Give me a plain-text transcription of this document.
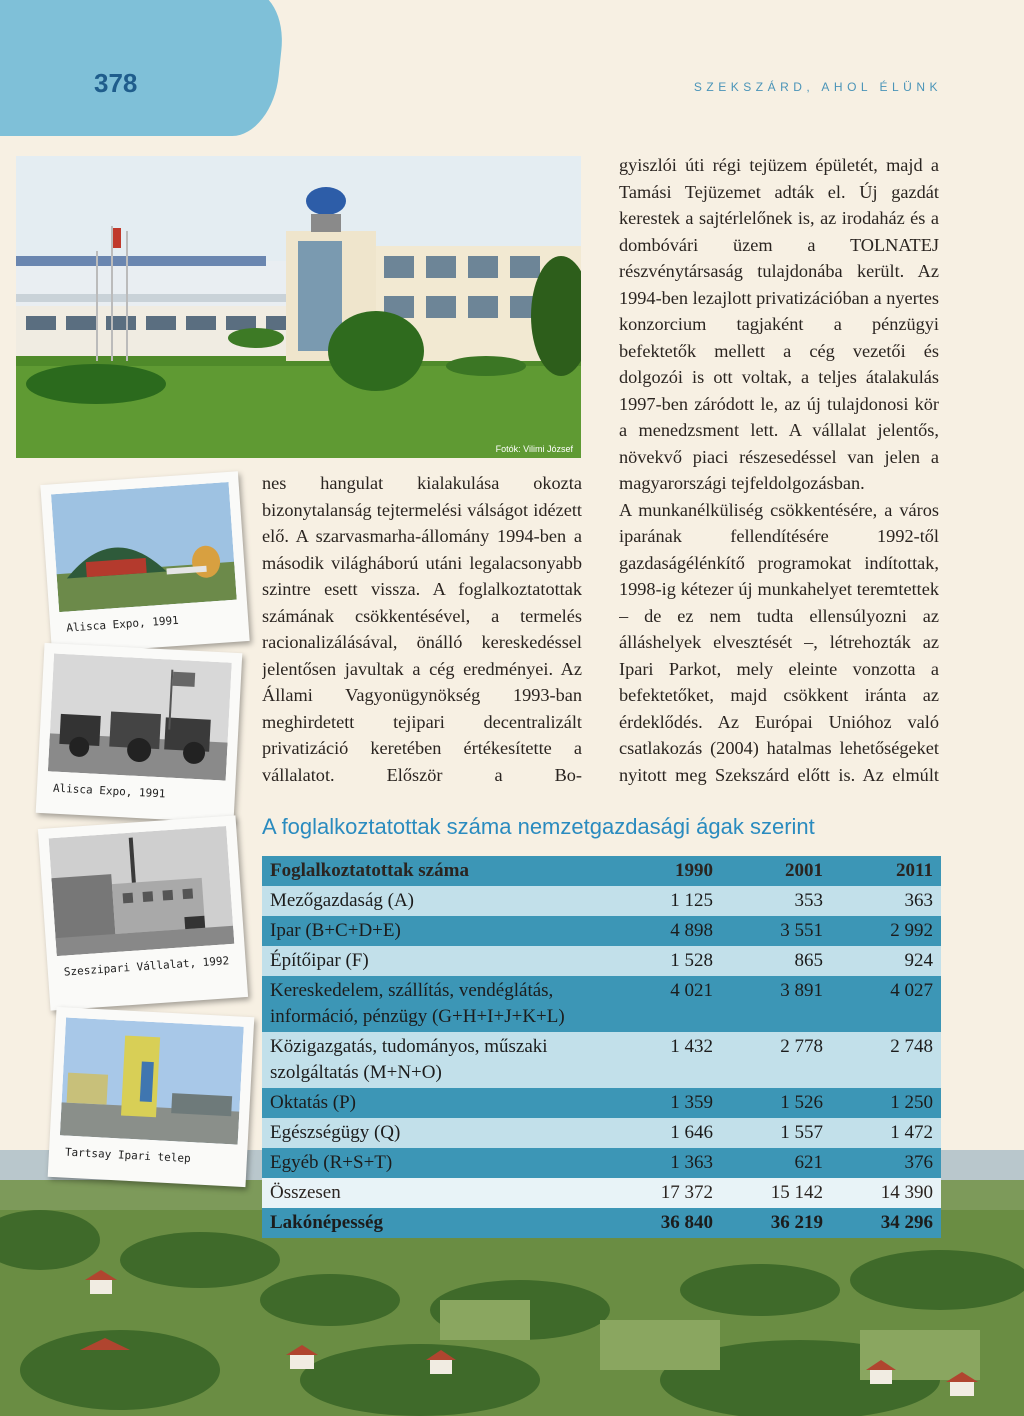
378	SZEKSZÁRD, AHOL ÉLÜNK
Fotók: Vilimi József

gyiszlói úti régi tejüzem épületét, majd a Tamási Tejüzemet adták el. Új gazdát kerestek a sajtérlelőnek is, az irodaház és a dombóvári üzem a TOLNATEJ részvénytársaság tulajdonába került. Az 1994-ben lezajlott privatizációban a nyertes konzorcium tagjaként a pénzügyi befektetők mellett a cég vezetői és dolgozói is ott voltak, a teljes átalakulás 1997-ben záródott le, az új tulajdonosi kör a menedzsment lett. A vállalat jelentős, növekvő piaci részesedéssel van jelen a magyarországi tejfeldolgozásban.

A munkanélküliség csökkentésére, a város iparának fellendítésére 1992-től gazdaságélénkítő programokat indítottak, 1998-ig kétezer új munkahelyet teremtettek – de ez nem tudta ellensúlyozni az álláshelyek elvesztését –, létrehozták az Ipari Parkot, mely eleinte vonzotta a befektetőket, majd csökkent iránta az érdeklődés. Az Európai Unióhoz való csatlakozás (2004) hatalmas lehetőségeket nyitott meg Szekszárd előtt is. Az elmúlt

nes hangulat kialakulása okozta bizonytalanság tejtermelési válságot idézett elő. A szarvasmarha-állomány 1994-ben a második világháború utáni legalacsonyabb szintre esett vissza. A foglalkoztatottak számának csökkentésével, a termelés racionalizálásával, önálló kereskedéssel jelentősen javultak a cég eredményei. Az Állami Vagyonügynökség 1993-ban meghirdetett tejipari decentralizált privatizáció keretében értékesítette a vállalatot. Először a Bo-

Alisca Expo, 1991
Alisca Expo, 1991
Szeszipari Vállalat, 1992
Tartsay Ipari telep
A foglalkoztatottak száma nemzetgazdasági ágak szerint
Foglalkoztatottak száma	1990	2001	2011
Mezőgazdaság (A)	1 125	353	363
Ipar (B+C+D+E)	4 898	3 551	2 992
Építőipar (F)	1 528	865	924
Kereskedelem, szállítás, vendéglátás, információ, pénzügy (G+H+I+J+K+L)	4 021	3 891	4 027
Közigazgatás, tudományos, műszaki szolgáltatás (M+N+O)	1 432	2 778	2 748
Oktatás (P)	1 359	1 526	1 250
Egészségügy (Q)	1 646	1 557	1 472
Egyéb (R+S+T)	1 363	621	376
Összesen	17 372	15 142	14 390
Lakónépesség	36 840	36 219	34 296
